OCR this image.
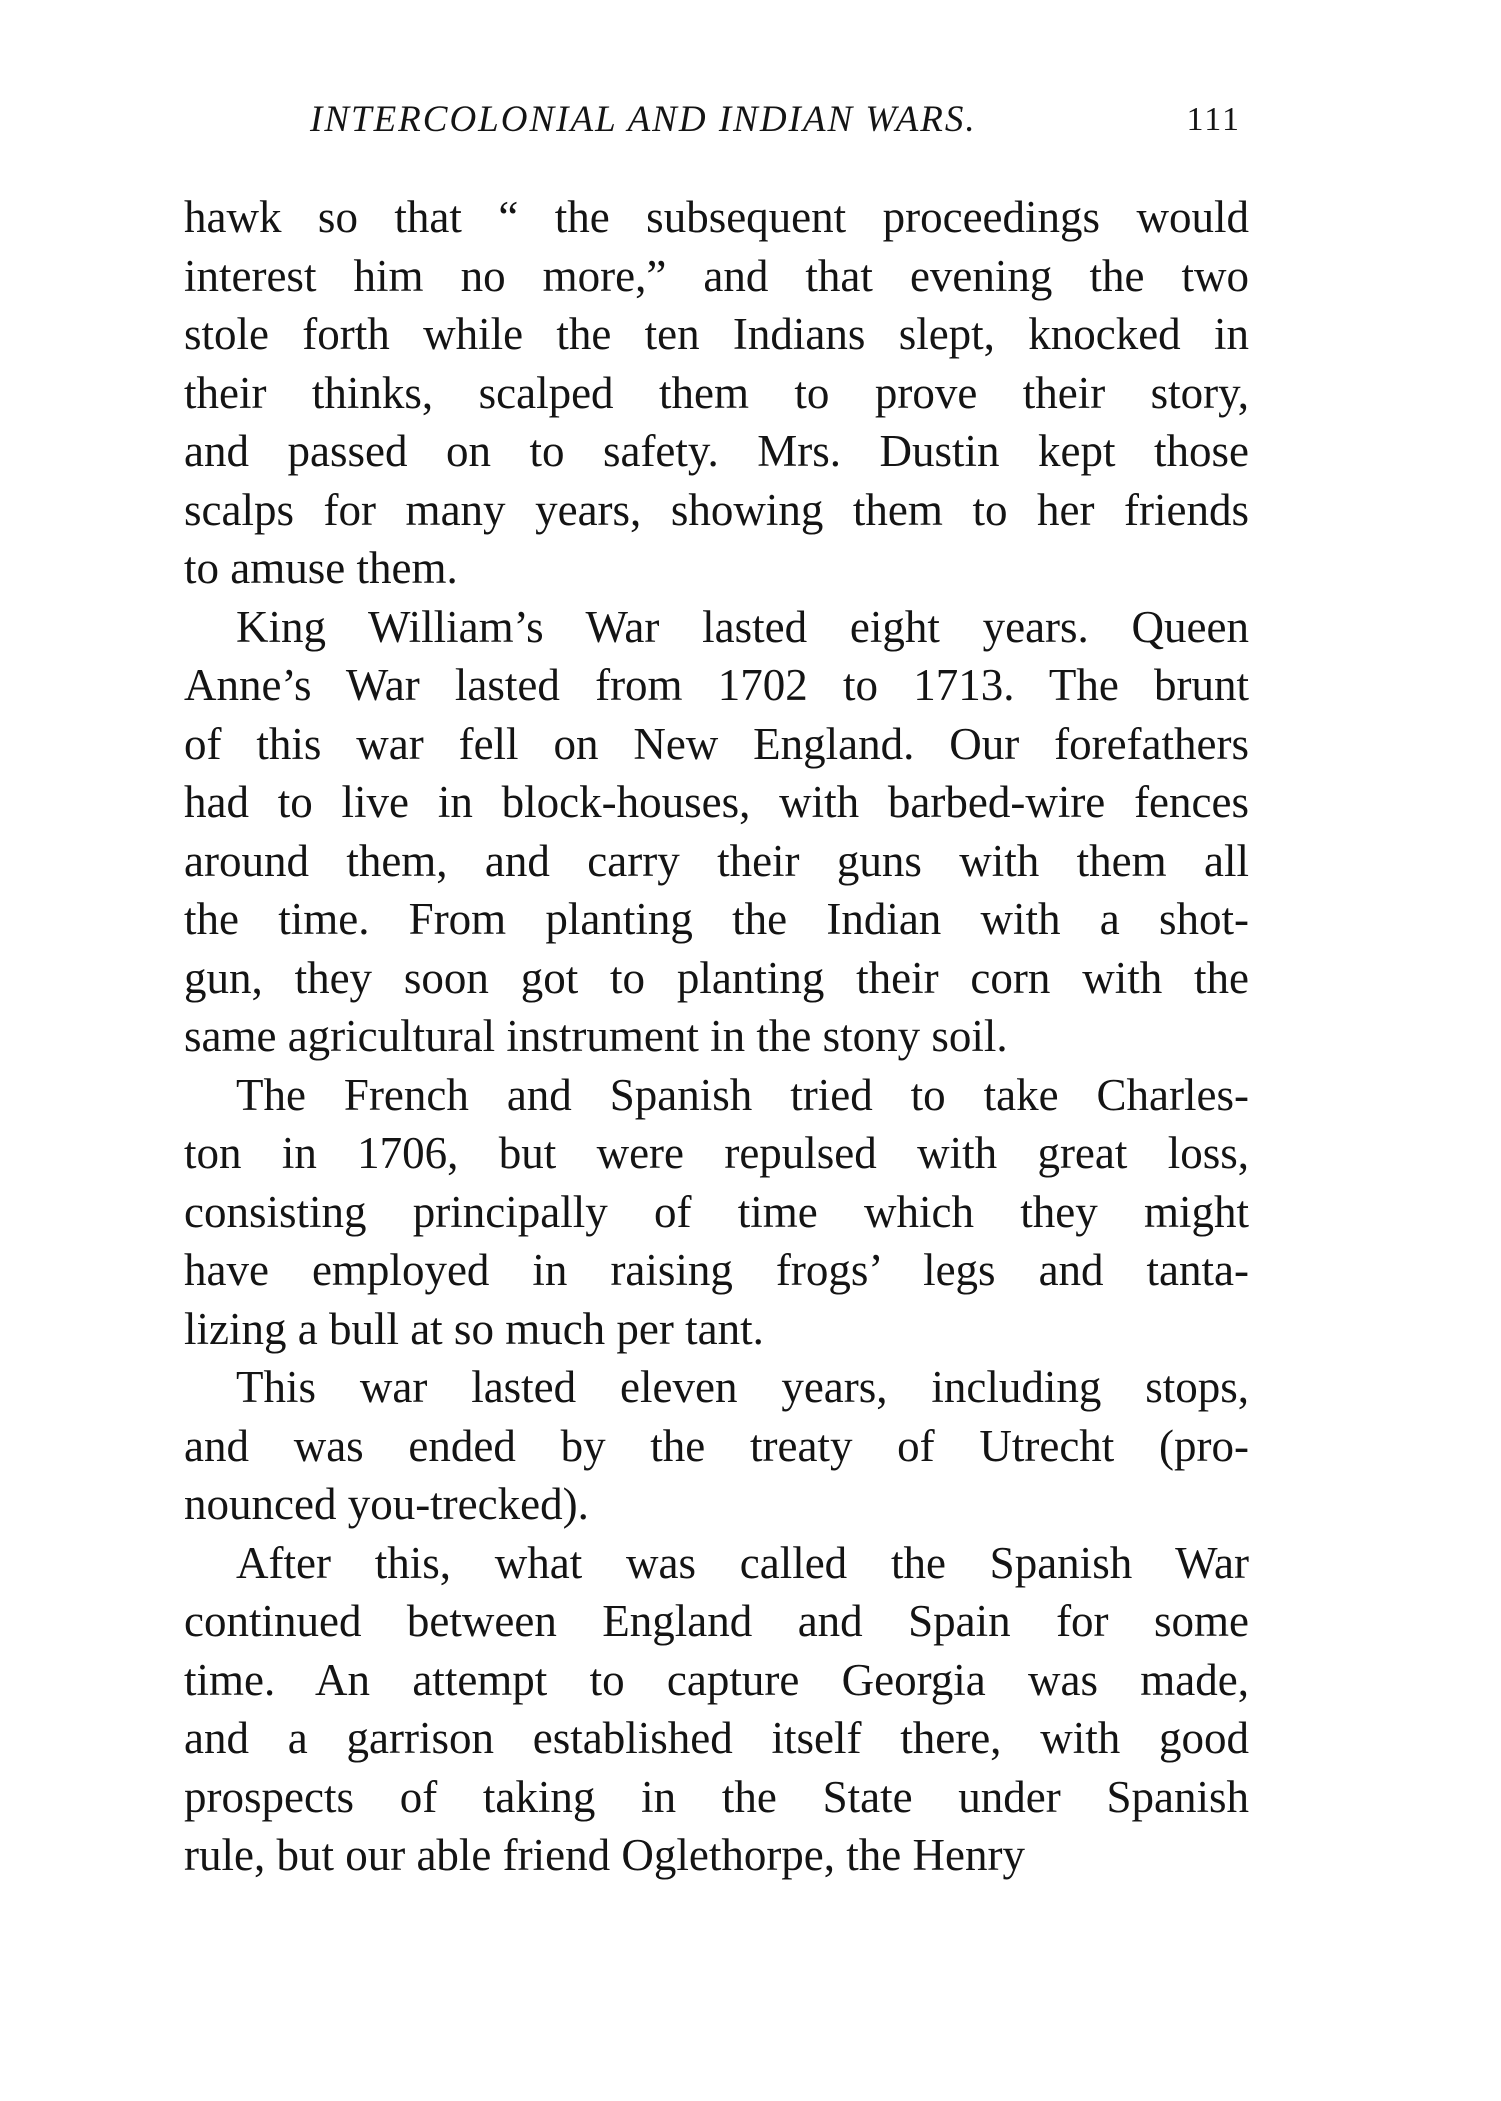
INTERCOLONIAL AND INDIAN WARS.	111
hawk so that “ the subsequent proceedings would
interest him no more,” and that evening the two
stole forth while the ten Indians slept, knocked in
their thinks, scalped them to prove their story,
and passed on to safety. Mrs. Dustin kept those
scalps for many years, showing them to her friends
to amuse them.
King William’s War lasted eight years. Queen
Anne’s War lasted from 1702 to 1713. The brunt
of this war fell on New England. Our forefathers
had to live in block-houses, with barbed-wire fences
around them, and carry their guns with them all
the time. From planting the Indian with a shot-
gun, they soon got to planting their corn with the
same agricultural instrument in the stony soil.
The French and Spanish tried to take Charles-
ton in 1706, but were repulsed with great loss,
consisting principally of time which they might
have employed in raising frogs’ legs and tanta-
lizing a bull at so much per tant.
This war lasted eleven years, including stops,
and was ended by the treaty of Utrecht (pro-
nounced you-trecked).
After this, what was called the Spanish War
continued between England and Spain for some
time. An attempt to capture Georgia was made,
and a garrison established itself there, with good
prospects of taking in the State under Spanish
rule, but our able friend Oglethorpe, the Henry
